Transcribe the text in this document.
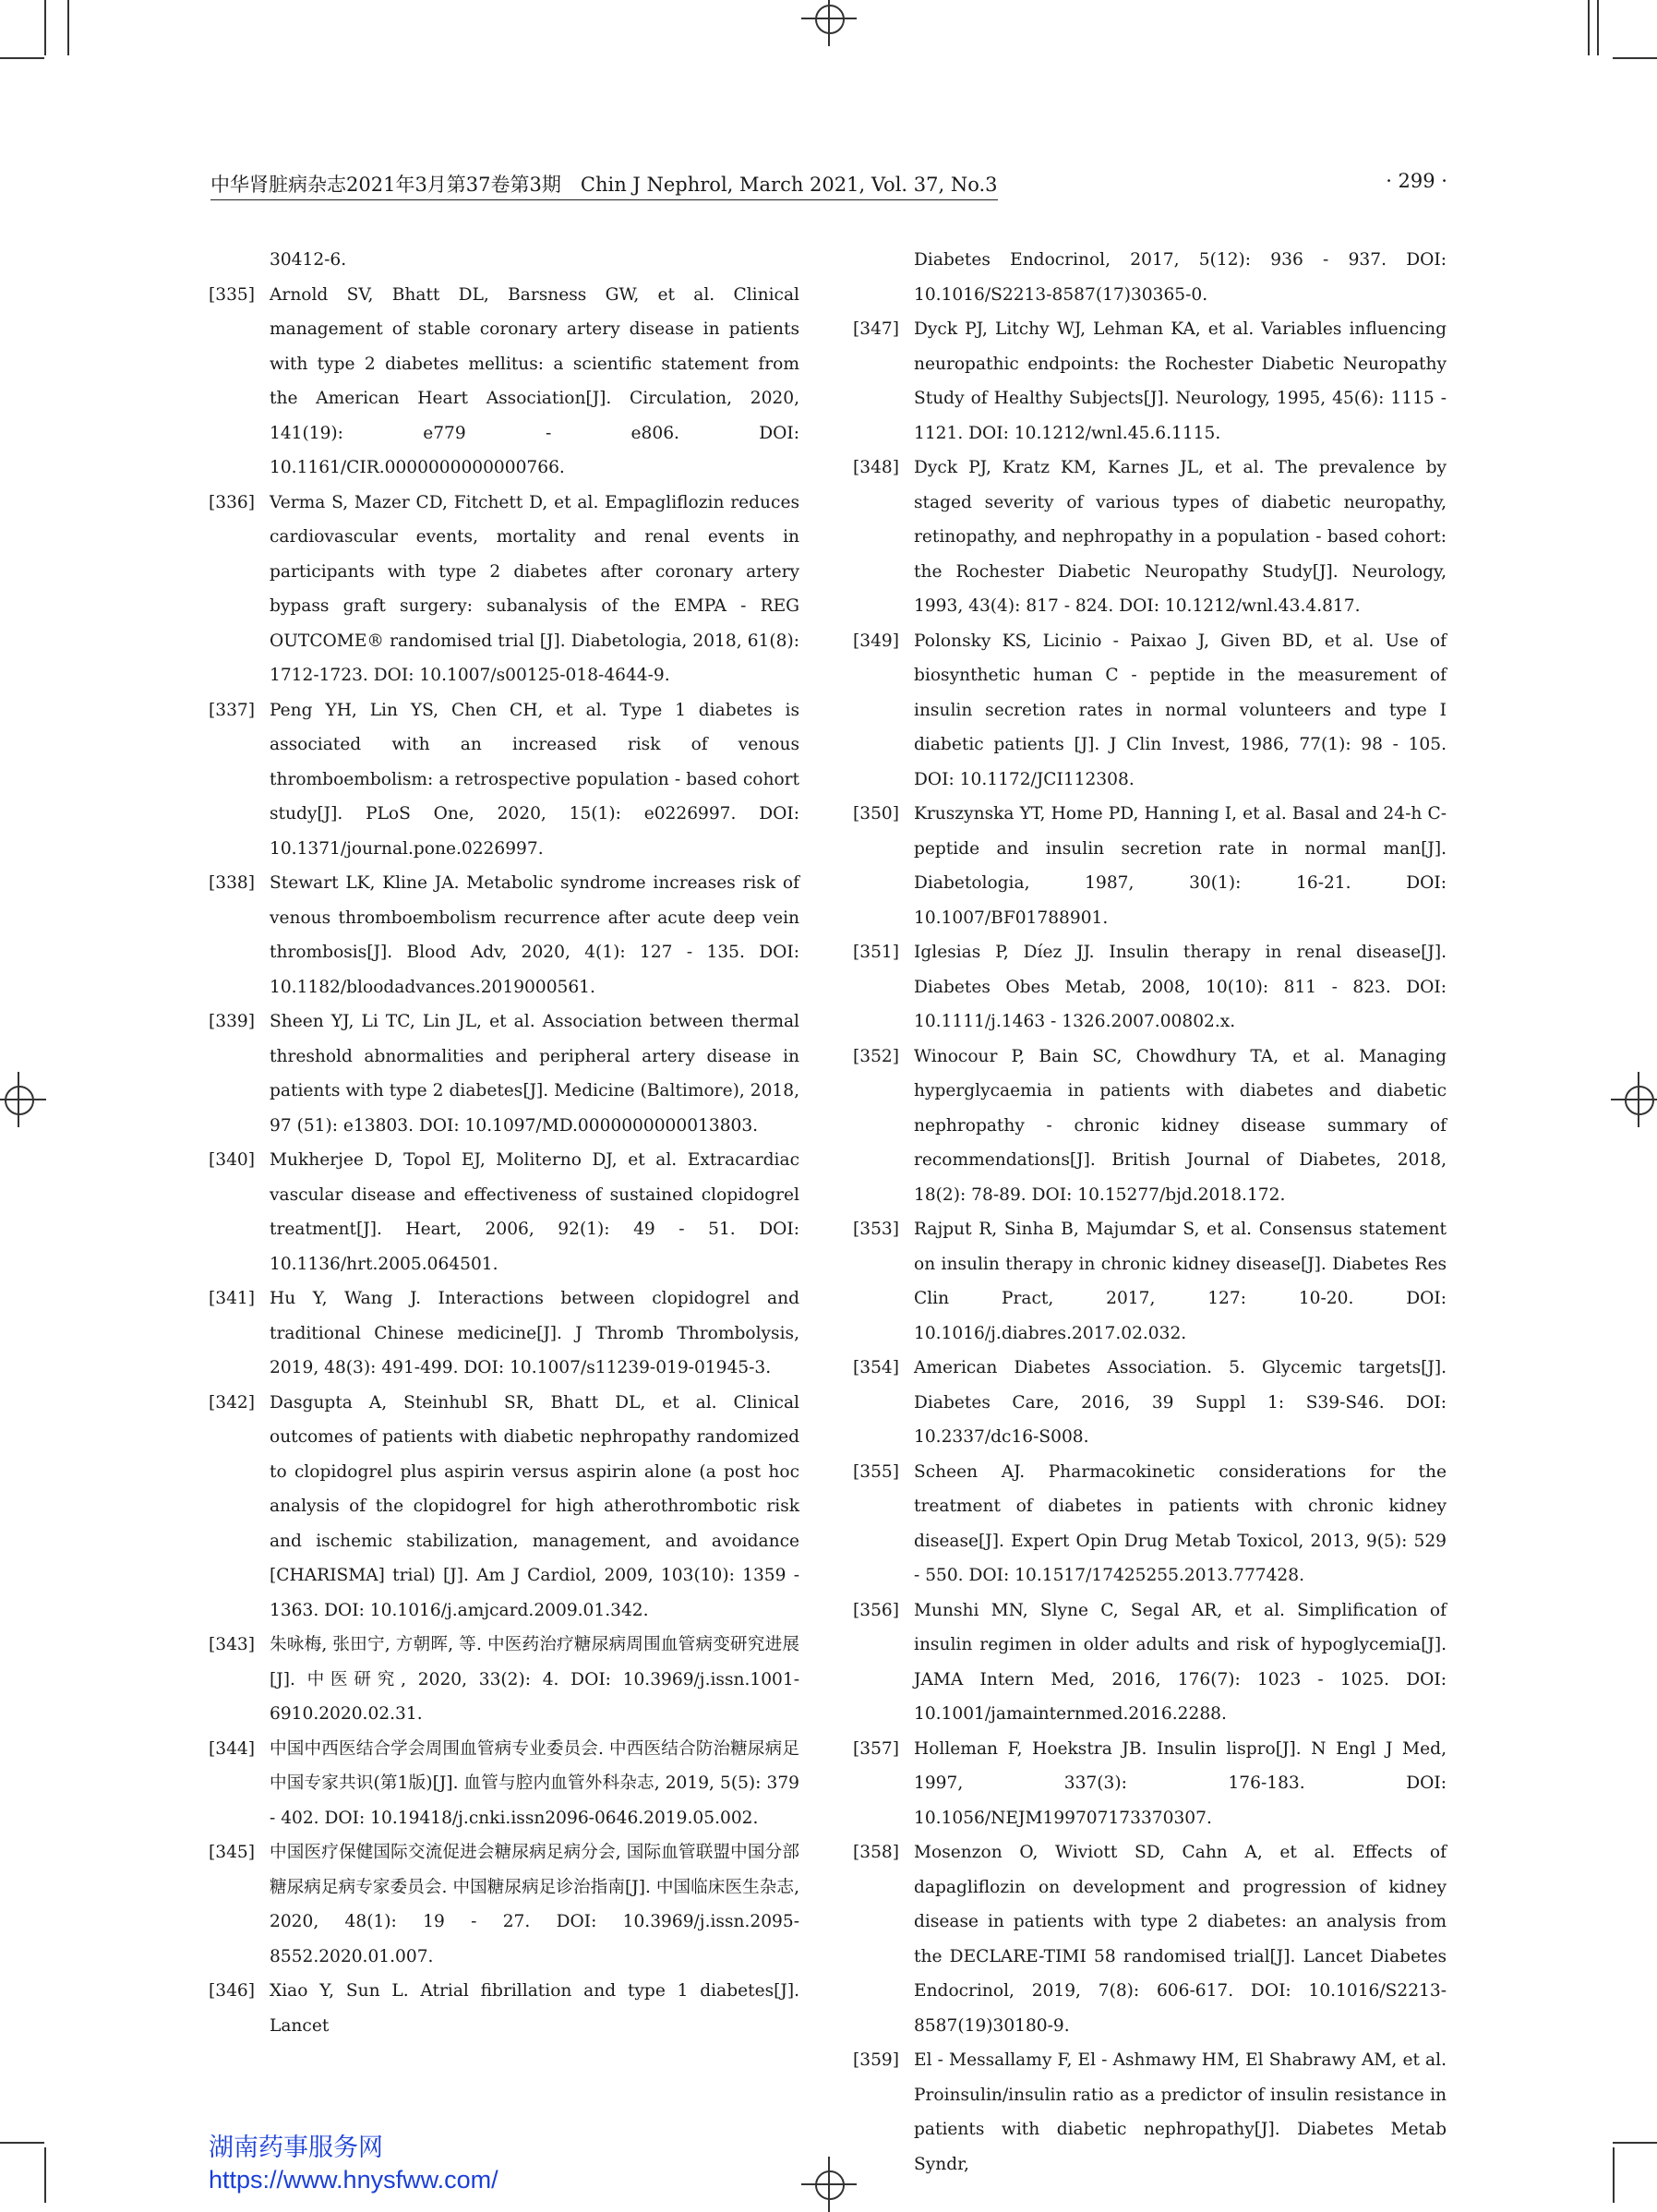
中华肾脏病杂志2021年3月第37卷第3期　Chin J Nephrol, March 2021, Vol. 37, No.3	· 299 ·

30412-6.

[335] Arnold SV, Bhatt DL, Barsness GW, et al. Clinical management of stable coronary artery disease in patients with type 2 diabetes mellitus: a scientific statement from the American Heart Association[J]. Circulation, 2020, 141(19): e779 - e806. DOI: 10.1161/CIR.0000000000000766.

[336] Verma S, Mazer CD, Fitchett D, et al. Empagliflozin reduces cardiovascular events, mortality and renal events in participants with type 2 diabetes after coronary artery bypass graft surgery: subanalysis of the EMPA - REG OUTCOME® randomised trial [J]. Diabetologia, 2018, 61(8): 1712-1723. DOI: 10.1007/s00125-018-4644-9.

[337] Peng YH, Lin YS, Chen CH, et al. Type 1 diabetes is associated with an increased risk of venous thromboembolism: a retrospective population - based cohort study[J]. PLoS One, 2020, 15(1): e0226997. DOI: 10.1371/journal.pone.0226997.

[338] Stewart LK, Kline JA. Metabolic syndrome increases risk of venous thromboembolism recurrence after acute deep vein thrombosis[J]. Blood Adv, 2020, 4(1): 127 - 135. DOI: 10.1182/bloodadvances.2019000561.

[339] Sheen YJ, Li TC, Lin JL, et al. Association between thermal threshold abnormalities and peripheral artery disease in patients with type 2 diabetes[J]. Medicine (Baltimore), 2018, 97 (51): e13803. DOI: 10.1097/MD.0000000000013803.

[340] Mukherjee D, Topol EJ, Moliterno DJ, et al. Extracardiac vascular disease and effectiveness of sustained clopidogrel treatment[J]. Heart, 2006, 92(1): 49 - 51. DOI: 10.1136/hrt.2005.064501.

[341] Hu Y, Wang J. Interactions between clopidogrel and traditional Chinese medicine[J]. J Thromb Thrombolysis, 2019, 48(3): 491-499. DOI: 10.1007/s11239-019-01945-3.

[342] Dasgupta A, Steinhubl SR, Bhatt DL, et al. Clinical outcomes of patients with diabetic nephropathy randomized to clopidogrel plus aspirin versus aspirin alone (a post hoc analysis of the clopidogrel for high atherothrombotic risk and ischemic stabilization, management, and avoidance [CHARISMA] trial) [J]. Am J Cardiol, 2009, 103(10): 1359 - 1363. DOI: 10.1016/j.amjcard.2009.01.342.

[343] 朱咏梅, 张田宁, 方朝晖, 等. 中医药治疗糖尿病周围血管病变研究进展[J]. 中医研究, 2020, 33(2): 4. DOI: 10.3969/j.issn.1001-6910.2020.02.31.

[344] 中国中西医结合学会周围血管病专业委员会. 中西医结合防治糖尿病足中国专家共识(第1版)[J]. 血管与腔内血管外科杂志, 2019, 5(5): 379 - 402. DOI: 10.19418/j.cnki.issn2096-0646.2019.05.002.

[345] 中国医疗保健国际交流促进会糖尿病足病分会, 国际血管联盟中国分部糖尿病足病专家委员会. 中国糖尿病足诊治指南[J]. 中国临床医生杂志, 2020, 48(1): 19 - 27. DOI: 10.3969/j.issn.2095-8552.2020.01.007.

[346] Xiao Y, Sun L. Atrial fibrillation and type 1 diabetes[J]. Lancet

Diabetes Endocrinol, 2017, 5(12): 936 - 937. DOI: 10.1016/S2213-8587(17)30365-0.

[347] Dyck PJ, Litchy WJ, Lehman KA, et al. Variables influencing neuropathic endpoints: the Rochester Diabetic Neuropathy Study of Healthy Subjects[J]. Neurology, 1995, 45(6): 1115 - 1121. DOI: 10.1212/wnl.45.6.1115.

[348] Dyck PJ, Kratz KM, Karnes JL, et al. The prevalence by staged severity of various types of diabetic neuropathy, retinopathy, and nephropathy in a population - based cohort: the Rochester Diabetic Neuropathy Study[J]. Neurology, 1993, 43(4): 817 - 824. DOI: 10.1212/wnl.43.4.817.

[349] Polonsky KS, Licinio - Paixao J, Given BD, et al. Use of biosynthetic human C - peptide in the measurement of insulin secretion rates in normal volunteers and type I diabetic patients [J]. J Clin Invest, 1986, 77(1): 98 - 105. DOI: 10.1172/JCI112308.

[350] Kruszynska YT, Home PD, Hanning I, et al. Basal and 24-h C-peptide and insulin secretion rate in normal man[J]. Diabetologia, 1987, 30(1): 16-21. DOI: 10.1007/BF01788901.

[351] Iglesias P, Díez JJ. Insulin therapy in renal disease[J]. Diabetes Obes Metab, 2008, 10(10): 811 - 823. DOI: 10.1111/j.1463 - 1326.2007.00802.x.

[352] Winocour P, Bain SC, Chowdhury TA, et al. Managing hyperglycaemia in patients with diabetes and diabetic nephropathy - chronic kidney disease summary of recommendations[J]. British Journal of Diabetes, 2018, 18(2): 78-89. DOI: 10.15277/bjd.2018.172.

[353] Rajput R, Sinha B, Majumdar S, et al. Consensus statement on insulin therapy in chronic kidney disease[J]. Diabetes Res Clin Pract, 2017, 127: 10-20. DOI: 10.1016/j.diabres.2017.02.032.

[354] American Diabetes Association. 5. Glycemic targets[J]. Diabetes Care, 2016, 39 Suppl 1: S39-S46. DOI: 10.2337/dc16-S008.

[355] Scheen AJ. Pharmacokinetic considerations for the treatment of diabetes in patients with chronic kidney disease[J]. Expert Opin Drug Metab Toxicol, 2013, 9(5): 529 - 550. DOI: 10.1517/17425255.2013.777428.

[356] Munshi MN, Slyne C, Segal AR, et al. Simplification of insulin regimen in older adults and risk of hypoglycemia[J]. JAMA Intern Med, 2016, 176(7): 1023 - 1025. DOI: 10.1001/jamainternmed.2016.2288.

[357] Holleman F, Hoekstra JB. Insulin lispro[J]. N Engl J Med, 1997, 337(3): 176-183. DOI: 10.1056/NEJM199707173370307.

[358] Mosenzon O, Wiviott SD, Cahn A, et al. Effects of dapagliflozin on development and progression of kidney disease in patients with type 2 diabetes: an analysis from the DECLARE-TIMI 58 randomised trial[J]. Lancet Diabetes Endocrinol, 2019, 7(8): 606-617. DOI: 10.1016/S2213-8587(19)30180-9.

[359] El - Messallamy F, El - Ashmawy HM, El Shabrawy AM, et al. Proinsulin/insulin ratio as a predictor of insulin resistance in patients with diabetic nephropathy[J]. Diabetes Metab Syndr,

湖南药事服务网
https://www.hnysfww.com/
